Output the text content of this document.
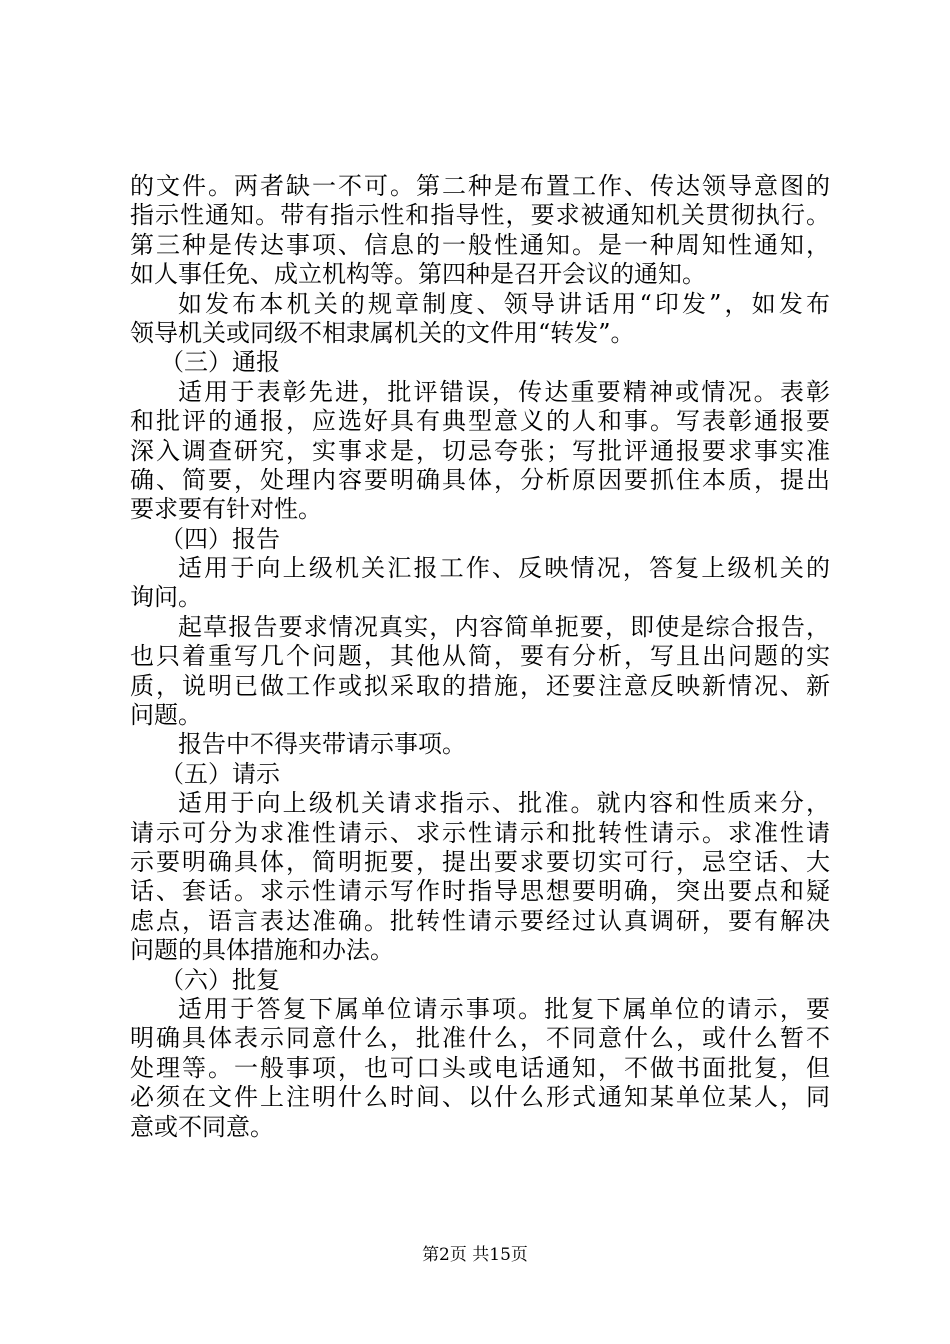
的文件。两者缺一不可。第二种是布置工作、传达领导意图的
指示性通知。带有指示性和指导性，要求被通知机关贯彻执行。
第三种是传达事项、信息的一般性通知。是一种周知性通知，
如人事任免、成立机构等。第四种是召开会议的通知。
如发布本机关的规章制度、领导讲话用“印发”，如发布
领导机关或同级不相隶属机关的文件用“转发”。
（三）通报
适用于表彰先进，批评错误，传达重要精神或情况。表彰
和批评的通报，应选好具有典型意义的人和事。写表彰通报要
深入调查研究，实事求是，切忌夸张；写批评通报要求事实准
确、简要，处理内容要明确具体，分析原因要抓住本质，提出
要求要有针对性。
（四）报告
适用于向上级机关汇报工作、反映情况，答复上级机关的
询问。
起草报告要求情况真实，内容简单扼要，即使是综合报告，
也只着重写几个问题，其他从简，要有分析，写且出问题的实
质，说明已做工作或拟采取的措施，还要注意反映新情况、新
问题。
报告中不得夹带请示事项。
（五）请示
适用于向上级机关请求指示、批准。就内容和性质来分，
请示可分为求准性请示、求示性请示和批转性请示。求准性请
示要明确具体，简明扼要，提出要求要切实可行，忌空话、大
话、套话。求示性请示写作时指导思想要明确，突出要点和疑
虑点，语言表达准确。批转性请示要经过认真调研，要有解决
问题的具体措施和办法。
（六）批复
适用于答复下属单位请示事项。批复下属单位的请示，要
明确具体表示同意什么，批准什么，不同意什么，或什么暂不
处理等。一般事项，也可口头或电话通知，不做书面批复，但
必须在文件上注明什么时间、以什么形式通知某单位某人，同
意或不同意。
第2页 共15页
